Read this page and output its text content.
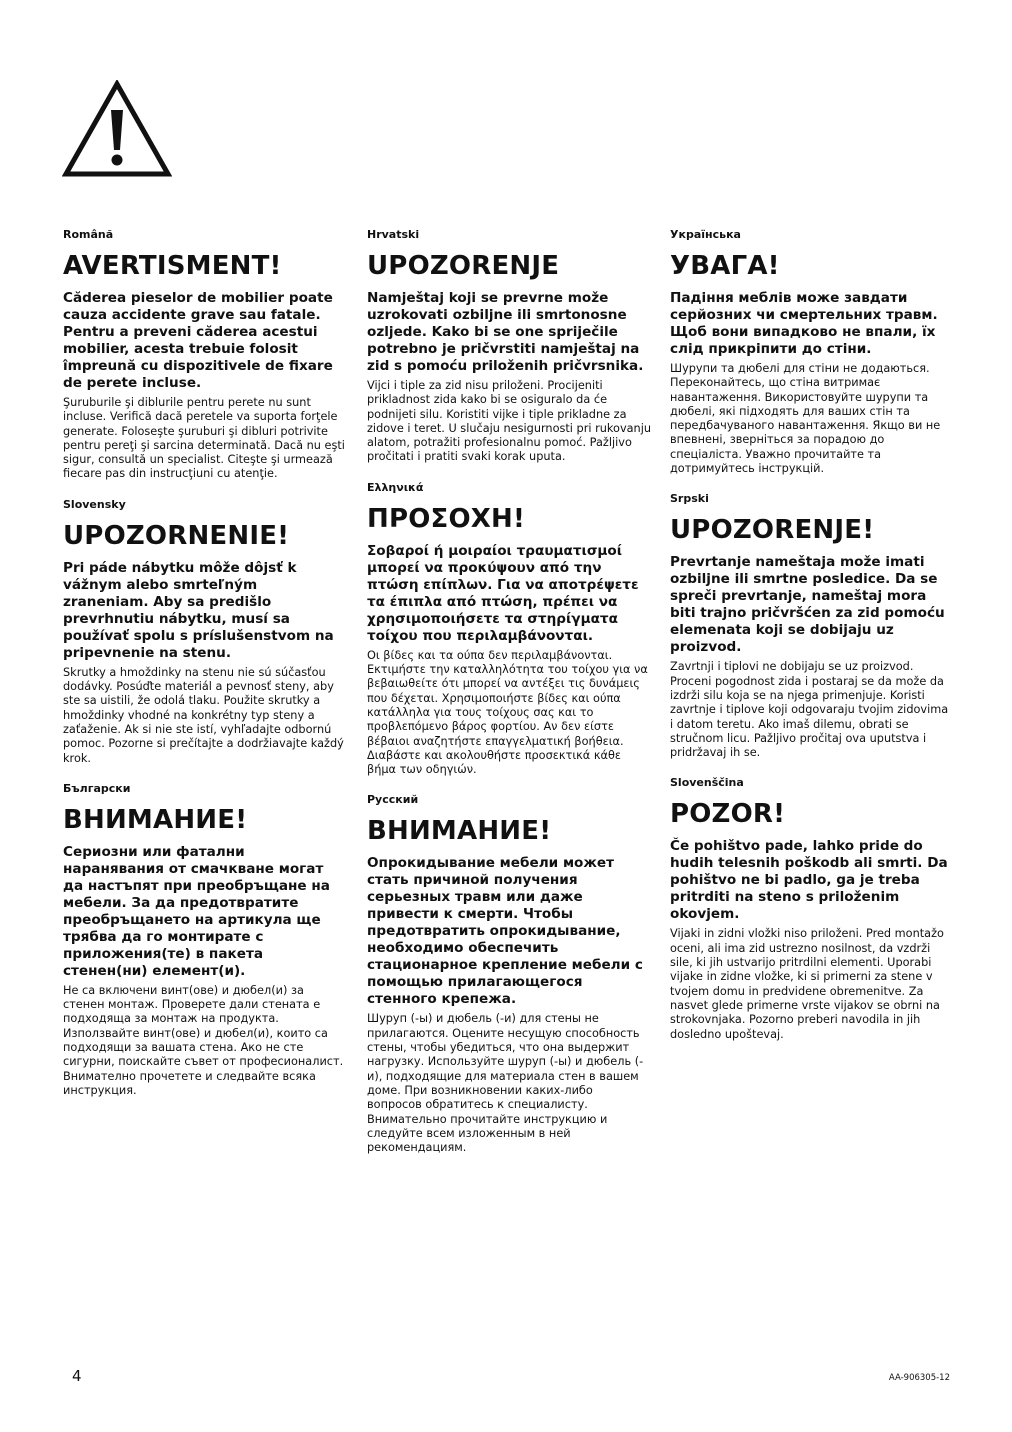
Română
AVERTISMENT!
Căderea pieselor de mobilier poate cauza accidente grave sau fatale. Pentru a preveni căderea acestui mobilier, acesta trebuie folosit împreună cu dispozitivele de fixare de perete incluse.
Şuruburile şi diblurile pentru perete nu sunt incluse. Verifică dacă peretele va suporta forţele generate. Foloseşte şuruburi şi dibluri potrivite pentru pereţi şi sarcina determinată. Dacă nu eşti sigur, consultă un specialist. Citeşte şi urmează fiecare pas din instrucţiuni cu atenţie.
Slovensky
UPOZORNENIE!
Pri páde nábytku môže dôjsť k vážnym alebo smrteľným zraneniam. Aby sa predišlo prevrhnutiu nábytku, musí sa používať spolu s príslušenstvom na pripevnenie na stenu.
Skrutky a hmoždinky na stenu nie sú súčasťou dodávky. Posúďte materiál a pevnosť steny, aby ste sa uistili, že odolá tlaku. Použite skrutky a hmoždinky vhodné na konkrétny typ steny a zaťaženie. Ak si nie ste istí, vyhľadajte odbornú pomoc. Pozorne si prečítajte a dodržiavajte každý krok.
Български
ВНИМАНИЕ!
Сериозни или фатални наранявания от смачкване могат да настъпят при преобръщане на мебели. За да предотвратите преобръщането на артикула ще трябва да го монтирате с приложения(те) в пакета стенен(ни) елемент(и).
Не са включени винт(ове) и дюбел(и) за стенен монтаж. Проверете дали стената е подходяща за монтаж на продукта. Използвайте винт(ове) и дюбел(и), които са подходящи за вашата стена. Ако не сте сигурни, поискайте съвет от професионалист. Внимателно прочетете и следвайте всяка инструкция.
Hrvatski
UPOZORENJE
Namještaj koji se prevrne može uzrokovati ozbiljne ili smrtonosne ozljede. Kako bi se one spriječile potrebno je pričvrstiti namještaj na zid s pomoću priloženih pričvrsnika.
Vijci i tiple za zid nisu priloženi. Procijeniti prikladnost zida kako bi se osiguralo da će podnijeti silu. Koristiti vijke i tiple prikladne za zidove i teret. U slučaju nesigurnosti pri rukovanju alatom, potražiti profesionalnu pomoć. Pažljivo pročitati i pratiti svaki korak uputa.
Ελληνικά
ΠΡΟΣΟΧΗ!
Σοβαροί ή μοιραίοι τραυματισμοί μπορεί να προκύψουν από την πτώση επίπλων. Για να αποτρέψετε τα έπιπλα από πτώση, πρέπει να χρησιμοποιήσετε τα στηρίγματα τοίχου που περιλαμβάνονται.
Οι βίδες και τα ούπα δεν περιλαμβάνονται. Εκτιμήστε την καταλληλότητα του τοίχου για να βεβαιωθείτε ότι μπορεί να αντέξει τις δυνάμεις που δέχεται. Χρησιμοποιήστε βίδες και ούπα κατάλληλα για τους τοίχους σας και το προβλεπόμενο βάρος φορτίου. Αν δεν είστε βέβαιοι αναζητήστε επαγγελματική βοήθεια. Διαβάστε και ακολουθήστε προσεκτικά κάθε βήμα των οδηγιών.
Русский
ВНИМАНИЕ!
Опрокидывание мебели может стать причиной получения серьезных травм или даже привести к смерти. Чтобы предотвратить опрокидывание, необходимо обеспечить стационарное крепление мебели с помощью прилагающегося стенного крепежа.
Шуруп (-ы) и дюбель (-и) для стены не прилагаются. Оцените несущую способность стены, чтобы убедиться, что она выдержит нагрузку. Используйте шуруп (-ы) и дюбель (-и), подходящие для материала стен в вашем доме. При возникновении каких-либо вопросов обратитесь к специалисту. Внимательно прочитайте инструкцию и следуйте всем изложенным в ней рекомендациям.
Українська
УВАГА!
Падіння меблів може завдати серйозних чи смертельних травм. Щоб вони випадково не впали, їх слід прикріпити до стіни.
Шурупи та дюбелі для стіни не додаються. Переконайтесь, що стіна витримає навантаження. Використовуйте шурупи та дюбелі, які підходять для ваших стін та передбачуваного навантаження. Якщо ви не впевнені, зверніться за порадою до спеціаліста. Уважно прочитайте та дотримуйтесь інструкцій.
Srpski
UPOZORENJE!
Prevrtanje nameštaja može imati ozbiljne ili smrtne posledice. Da se spreči prevrtanje, nameštaj mora biti trajno pričvršćen za zid pomoću elemenata koji se dobijaju uz proizvod.
Zavrtnji i tiplovi ne dobijaju se uz proizvod. Proceni pogodnost zida i postaraj se da može da izdrži silu koja se na njega primenjuje. Koristi zavrtnje i tiplove koji odgovaraju tvojim zidovima i datom teretu. Ako imaš dilemu, obrati se stručnom licu. Pažljivo pročitaj ova uputstva i pridržavaj ih se.
Slovenščina
POZOR!
Če pohištvo pade, lahko pride do hudih telesnih poškodb ali smrti. Da pohištvo ne bi padlo, ga je treba pritrditi na steno s priloženim okovjem.
Vijaki in zidni vložki niso priloženi. Pred montažo oceni, ali ima zid ustrezno nosilnost, da vzdrži sile, ki jih ustvarijo pritrdilni elementi. Uporabi vijake in zidne vložke, ki si primerni za stene v tvojem domu in predvidene obremenitve. Za nasvet glede primerne vrste vijakov se obrni na strokovnjaka. Pozorno preberi navodila in jih dosledno upoštevaj.
4	AA-906305-12
